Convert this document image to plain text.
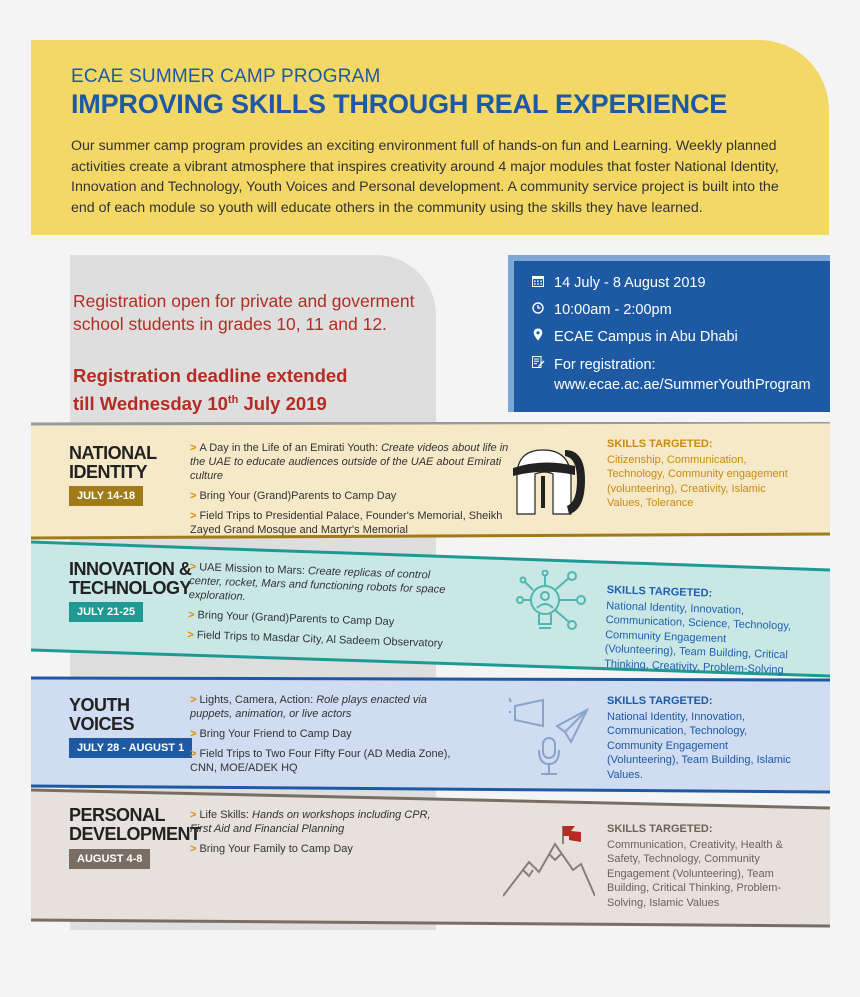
ECAE SUMMER CAMP PROGRAM
IMPROVING SKILLS THROUGH REAL EXPERIENCE
Our summer camp program provides an exciting environment full of hands-on fun and Learning. Weekly planned activities create a vibrant atmosphere that inspires creativity around 4 major modules that foster National Identity, Innovation and Technology, Youth Voices and Personal development. A community service project is built into the end of each module so youth will educate others in the community using the skills they have learned.
Registration open for private and goverment school students in grades 10, 11 and 12.
Registration deadline extended
till Wednesday 10th July 2019
14 July - 8 August 2019
10:00am - 2:00pm
ECAE Campus in Abu Dhabi
For registration:
www.ecae.ac.ae/SummerYouthProgram
NATIONAL
IDENTITY
JULY 14-18
> A Day in the Life of an Emirati Youth: Create videos about life in the UAE to educate audiences outside of the UAE about Emirati culture
> Bring Your (Grand)Parents to Camp Day
> Field Trips to Presidential Palace, Founder's Memorial, Sheikh Zayed Grand Mosque and Martyr's Memorial
SKILLS TARGETED:
Citizenship, Communication, Technology, Community engagement (volunteering), Creativity, Islamic Values, Tolerance
INNOVATION &
TECHNOLOGY
JULY 21-25
> UAE Mission to Mars: Create replicas of control center, rocket, Mars and functioning robots for space exploration.
> Bring Your (Grand)Parents to Camp Day
> Field Trips to Masdar City, Al Sadeem Observatory
SKILLS TARGETED:
National Identity, Innovation, Communication, Science, Technology, Community Engagement (Volunteering), Team Building, Critical Thinking, Creativity, Problem-Solving
YOUTH
VOICES
JULY 28 - AUGUST 1
> Lights, Camera, Action: Role plays enacted via puppets, animation, or live actors
> Bring Your Friend to Camp Day
> Field Trips to Two Four Fifty Four (AD Media Zone), CNN, MOE/ADEK HQ
SKILLS TARGETED:
National Identity, Innovation, Communication, Technology, Community Engagement (Volunteering), Team Building, Islamic Values.
PERSONAL
DEVELOPMENT
AUGUST 4-8
> Life Skills: Hands on workshops including CPR, First Aid and Financial Planning
> Bring Your Family to Camp Day
SKILLS TARGETED:
Communication, Creativity, Health & Safety, Technology, Community Engagement (Volunteering), Team Building, Critical Thinking, Problem-Solving, Islamic Values
